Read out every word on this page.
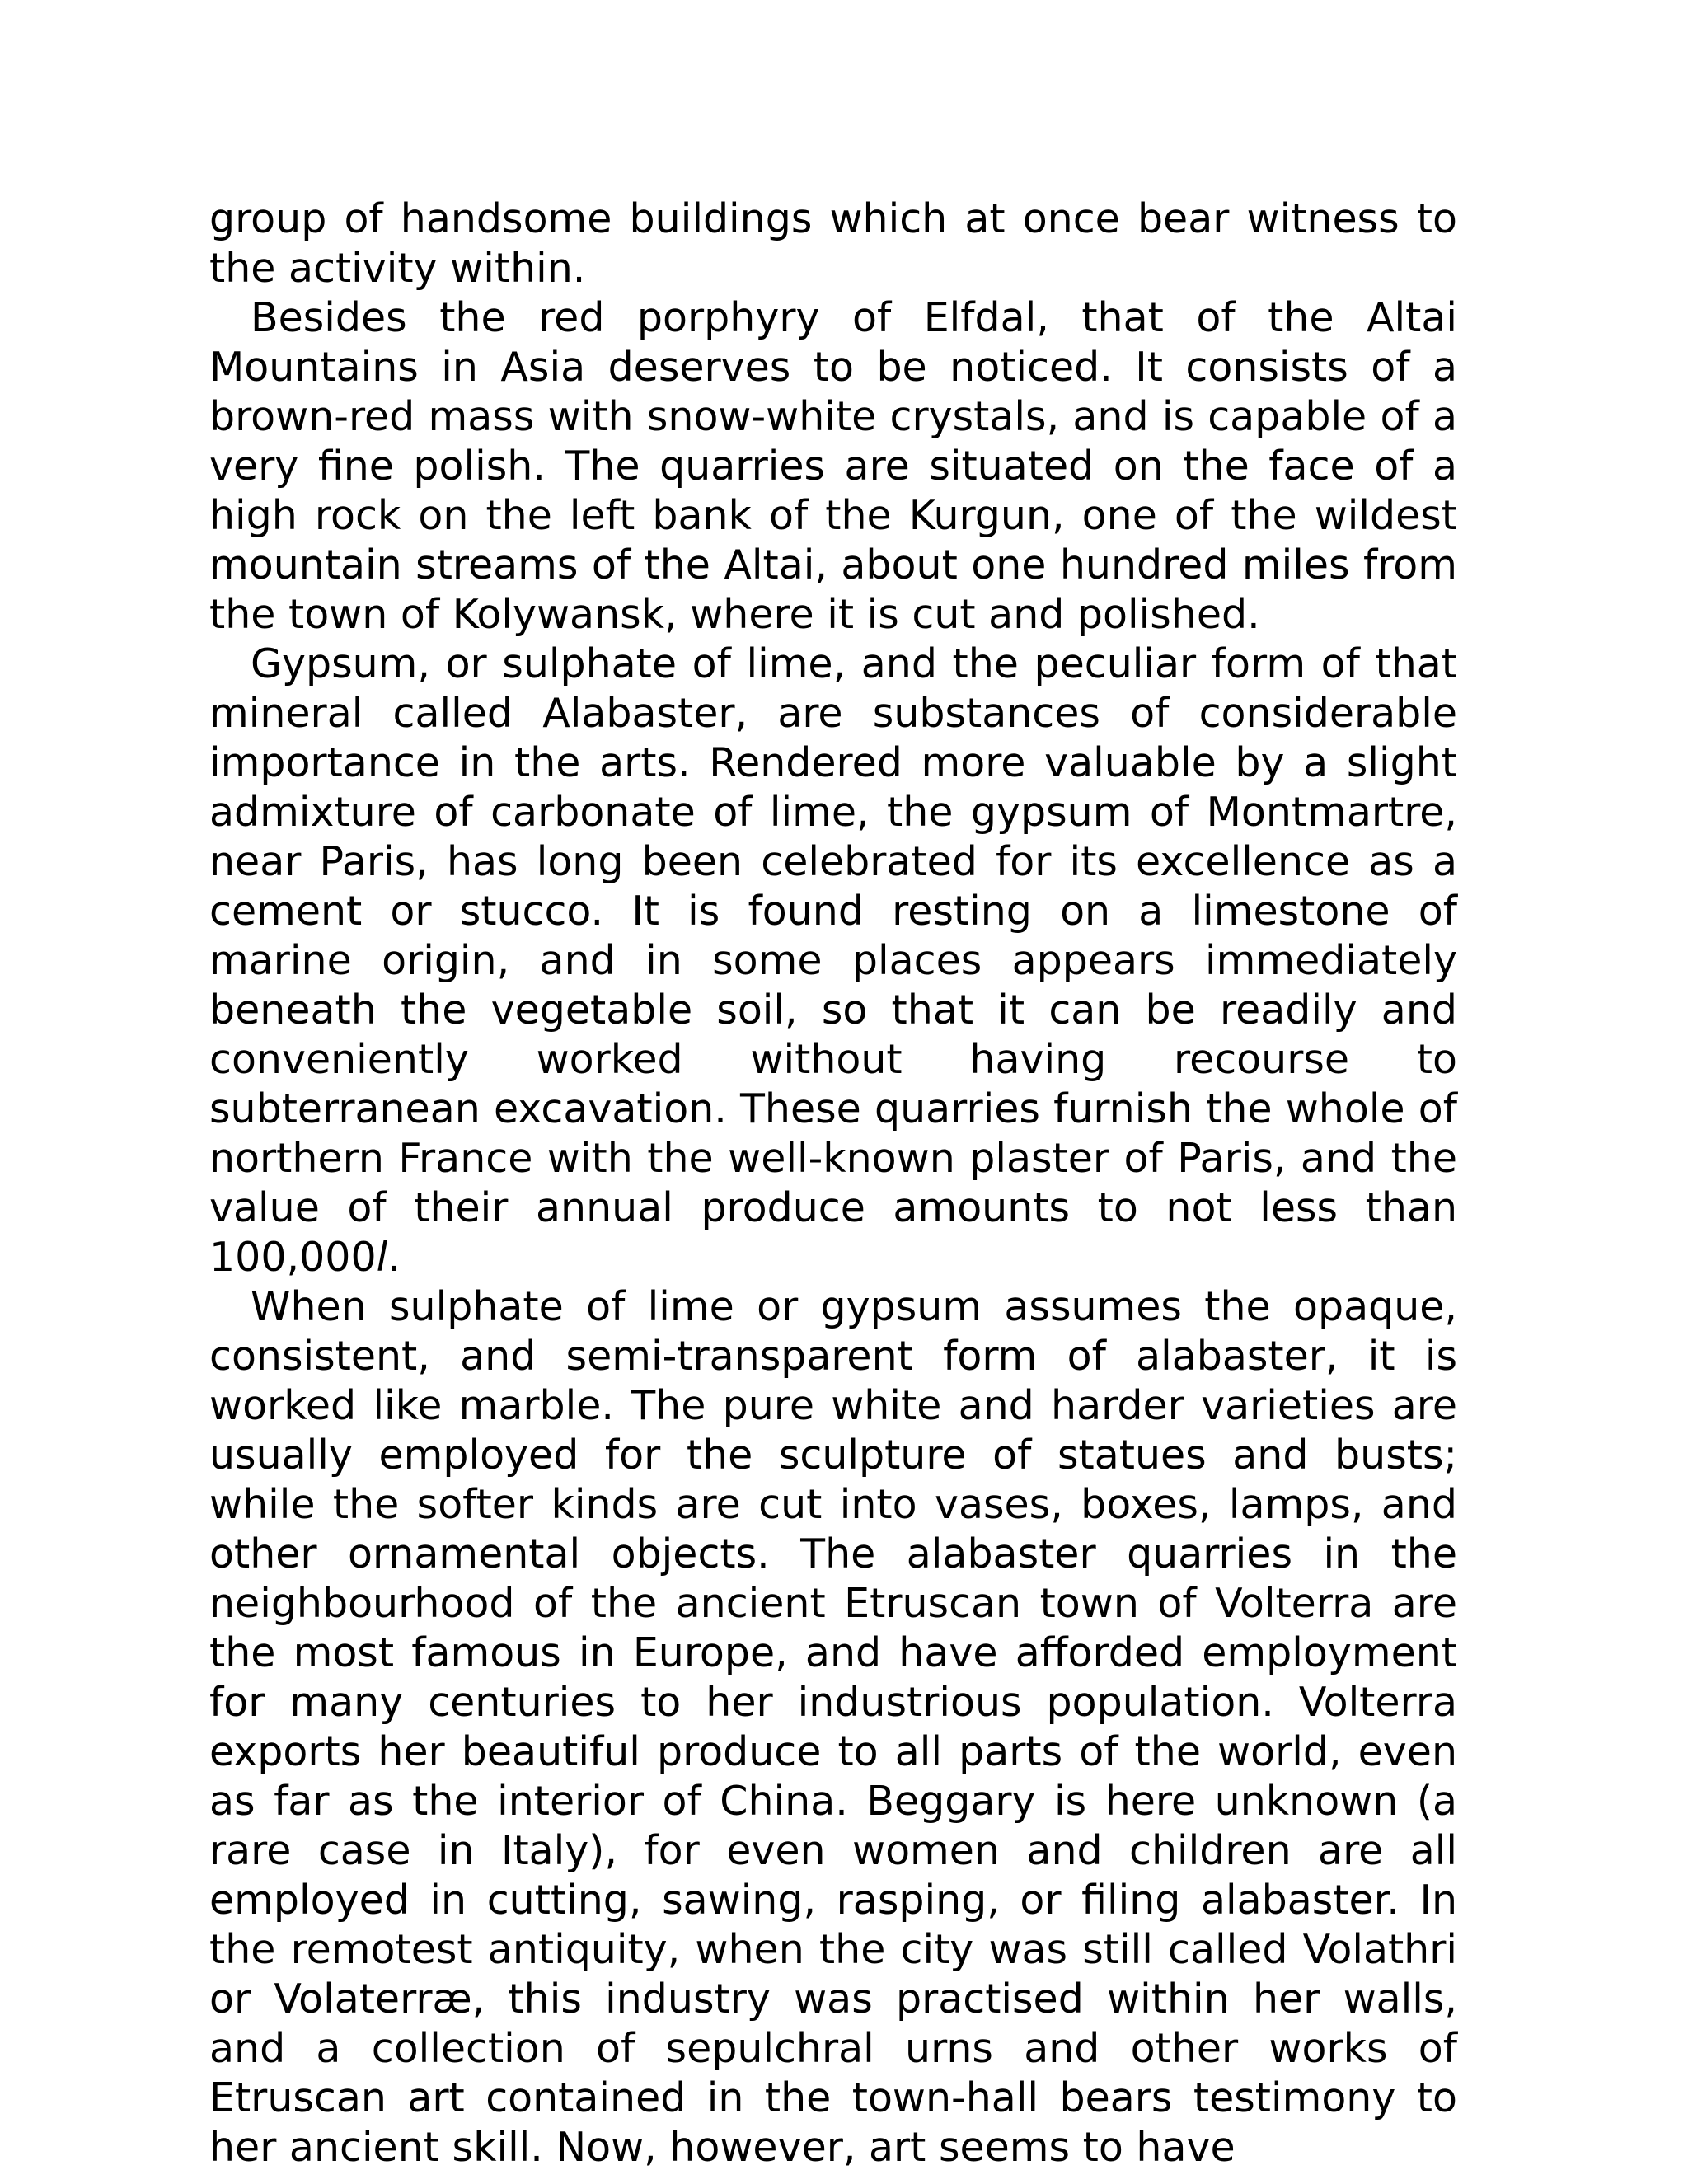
group of handsome buildings which at once bear witness to the activity within.

Besides the red porphyry of Elfdal, that of the Altai Mountains in Asia deserves to be noticed. It consists of a brown-red mass with snow-white crystals, and is capable of a very fine polish. The quarries are situated on the face of a high rock on the left bank of the Kurgun, one of the wildest mountain streams of the Altai, about one hundred miles from the town of Kolywansk, where it is cut and polished.

Gypsum, or sulphate of lime, and the peculiar form of that mineral called Alabaster, are substances of considerable importance in the arts. Rendered more valuable by a slight admixture of carbonate of lime, the gypsum of Montmartre, near Paris, has long been celebrated for its excellence as a cement or stucco. It is found resting on a limestone of marine origin, and in some places appears immediately beneath the vegetable soil, so that it can be readily and conveniently worked without having recourse to subterranean excavation. These quarries furnish the whole of northern France with the well-known plaster of Paris, and the value of their annual produce amounts to not less than 100,000l.

When sulphate of lime or gypsum assumes the opaque, consistent, and semi-transparent form of alabaster, it is worked like marble. The pure white and harder varieties are usually employed for the sculpture of statues and busts; while the softer kinds are cut into vases, boxes, lamps, and other ornamental objects. The alabaster quarries in the neighbourhood of the ancient Etruscan town of Volterra are the most famous in Europe, and have afforded employment for many centuries to her industrious population. Volterra exports her beautiful produce to all parts of the world, even as far as the interior of China. Beggary is here unknown (a rare case in Italy), for even women and children are all employed in cutting, sawing, rasping, or filing alabaster. In the remotest antiquity, when the city was still called Volathri or Volaterræ, this industry was practised within her walls, and a collection of sepulchral urns and other works of Etruscan art contained in the town-hall bears testimony to her ancient skill. Now, however, art seems to have
